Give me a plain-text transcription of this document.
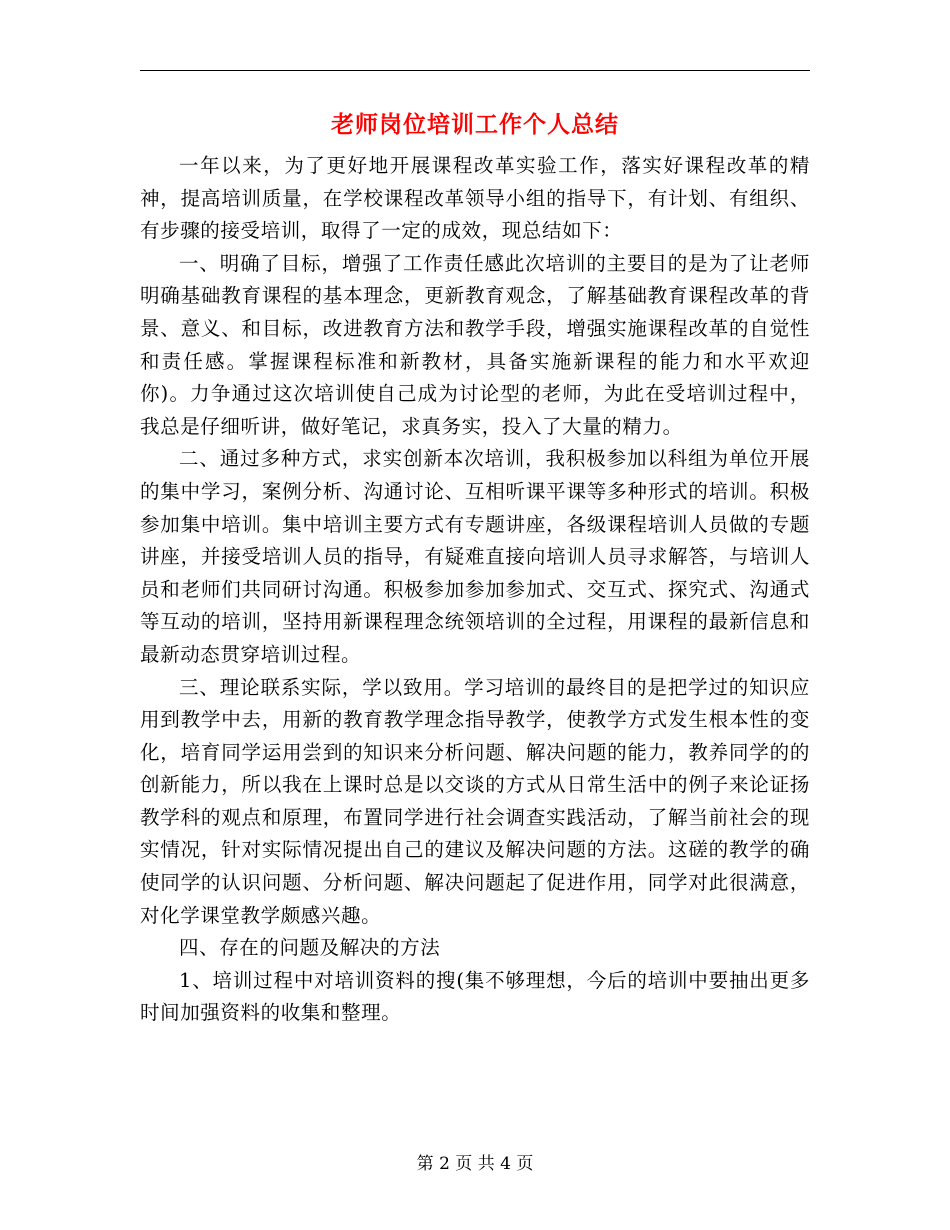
老师岗位培训工作个人总结

一年以来，为了更好地开展课程改革实验工作，落实好课程改革的精神，提高培训质量，在学校课程改革领导小组的指导下，有计划、有组织、有步骤的接受培训，取得了一定的成效，现总结如下：

一、明确了目标，增强了工作责任感此次培训的主要目的是为了让老师明确基础教育课程的基本理念，更新教育观念，了解基础教育课程改革的背景、意义、和目标，改进教育方法和教学手段，增强实施课程改革的自觉性和责任感。掌握课程标准和新教材，具备实施新课程的能力和水平欢迎你)。力争通过这次培训使自己成为讨论型的老师，为此在受培训过程中，我总是仔细听讲，做好笔记，求真务实，投入了大量的精力。

二、通过多种方式，求实创新本次培训，我积极参加以科组为单位开展的集中学习，案例分析、沟通讨论、互相听课平课等多种形式的培训。积极参加集中培训。集中培训主要方式有专题讲座，各级课程培训人员做的专题讲座，并接受培训人员的指导，有疑难直接向培训人员寻求解答，与培训人员和老师们共同研讨沟通。积极参加参加参加式、交互式、探究式、沟通式等互动的培训，坚持用新课程理念统领培训的全过程，用课程的最新信息和最新动态贯穿培训过程。

三、理论联系实际，学以致用。学习培训的最终目的是把学过的知识应用到教学中去，用新的教育教学理念指导教学，使教学方式发生根本性的变化，培育同学运用尝到的知识来分析问题、解决问题的能力，教养同学的的创新能力，所以我在上课时总是以交谈的方式从日常生活中的例子来论证扬教学科的观点和原理，布置同学进行社会调查实践活动，了解当前社会的现实情况，针对实际情况提出自己的建议及解决问题的方法。这磋的教学的确使同学的认识问题、分析问题、解决问题起了促进作用，同学对此很满意，对化学课堂教学颇感兴趣。

四、存在的问题及解决的方法

1、培训过程中对培训资料的搜(集不够理想，今后的培训中要抽出更多时间加强资料的收集和整理。

第 2 页 共 4 页
